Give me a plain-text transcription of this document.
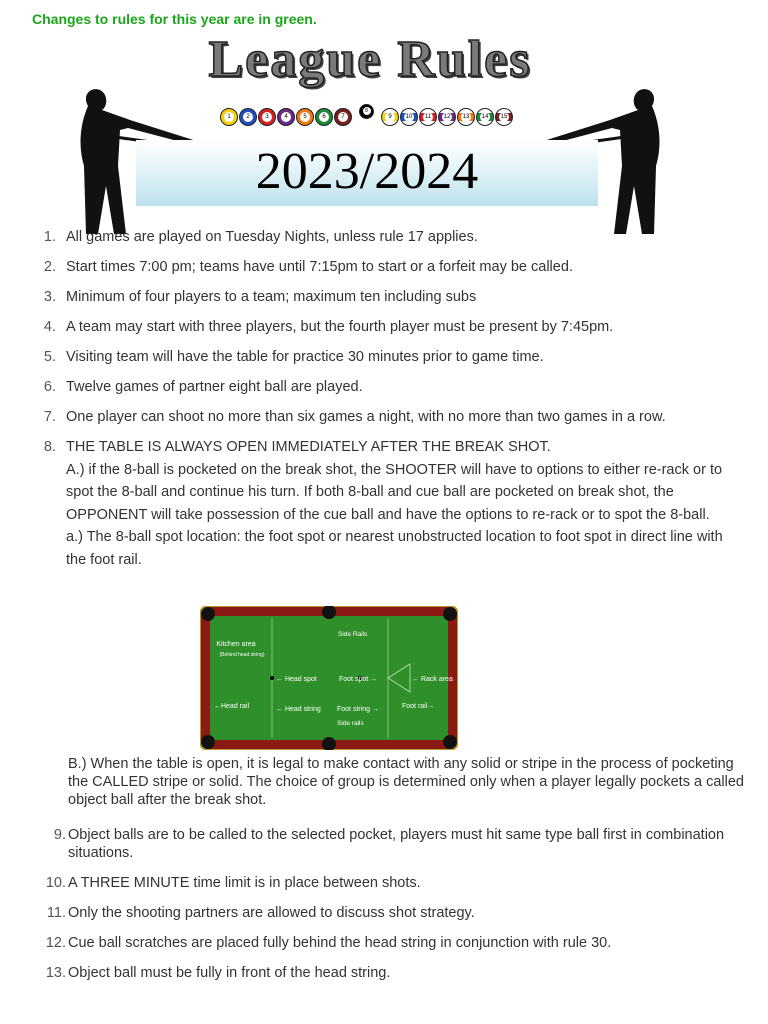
Changes to rules for this year are in green.
League Rules
1	2	3	4	5	6	7
8
9	10	11	12 13 14 15
2023/2024
1. All games are played on Tuesday Nights, unless rule 17 applies.
2. Start times 7:00 pm; teams have until 7:15pm to start or a forfeit may be called.
3. Minimum of four players to a team; maximum ten including subs
4. A team may start with three players, but the fourth player must be present by 7:45pm.
5. Visiting team will have the table for practice 30 minutes prior to game time.
6. Twelve games of partner eight ball are played.
7. One player can shoot no more than six games a night, with no more than two games in a row.
8. THE TABLE IS ALWAYS OPEN IMMEDIATELY AFTER THE BREAK SHOT.
A.) if the 8-ball is pocketed on the break shot, the SHOOTER will have to options to either re-rack or to spot the 8-ball and continue his turn. If both 8-ball and cue ball are pocketed on break shot, the OPPONENT will take possession of the cue ball and have the options to re-rack or to spot the 8-ball.
a.) The 8-ball spot location: the foot spot or nearest unobstructed location to foot spot in direct line with the foot rail.
Kitchen area
(Behind head string)
Side Rails
← Head spot	Foot spot →	← Rack area
←Head rail	← Head string Foot string →	Foot rail→
Side rails
B.) When the table is open, it is legal to make contact with any solid or stripe in the process of pocketing the CALLED stripe or solid. The choice of group is determined only when a player legally pockets a called object ball after the break shot.
9. Object balls are to be called to the selected pocket, players must hit same type ball first in combination situations.
10. A THREE MINUTE time limit is in place between shots.
11. Only the shooting partners are allowed to discuss shot strategy.
12. Cue ball scratches are placed fully behind the head string in conjunction with rule 30.
13. Object ball must be fully in front of the head string.
